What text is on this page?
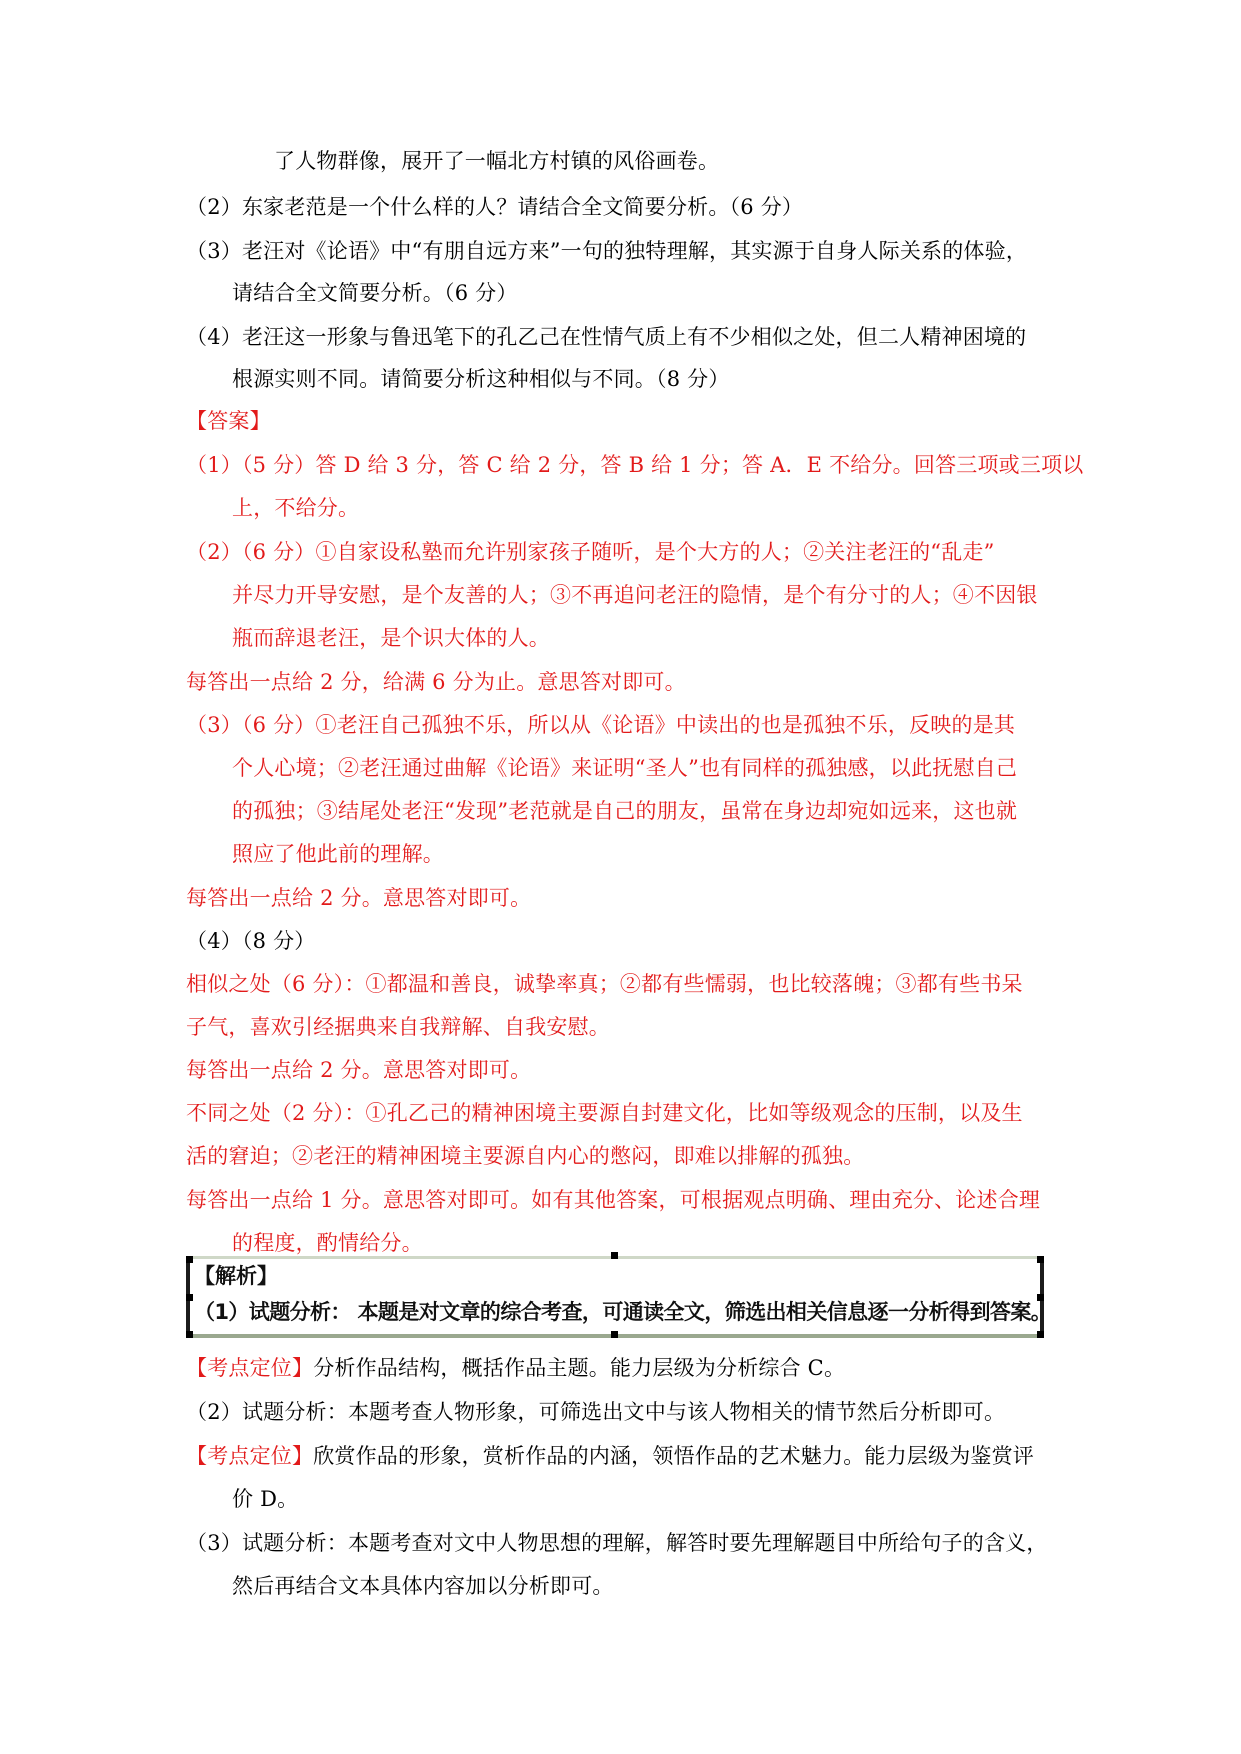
了人物群像，展开了一幅北方村镇的风俗画卷。
（2）东家老范是一个什么样的人？请结合全文简要分析。（6 分）
（3）老汪对《论语》中“有朋自远方来”一句的独特理解，其实源于自身人际关系的体验，
请结合全文简要分析。（6 分）
（4）老汪这一形象与鲁迅笔下的孔乙己在性情气质上有不少相似之处，但二人精神困境的
根源实则不同。请简要分析这种相似与不同。（8 分）
【答案】
（1）（5 分）答 D 给 3 分，答 C 给 2 分，答 B 给 1 分；答 A．E 不给分。回答三项或三项以
上，不给分。
（2）（6 分）①自家设私塾而允许别家孩子随听，是个大方的人；②关注老汪的“乱走”
并尽力开导安慰，是个友善的人；③不再追问老汪的隐情，是个有分寸的人；④不因银
瓶而辞退老汪，是个识大体的人。
每答出一点给 2 分，给满 6 分为止。意思答对即可。
（3）（6 分）①老汪自己孤独不乐，所以从《论语》中读出的也是孤独不乐，反映的是其
个人心境；②老汪通过曲解《论语》来证明“圣人”也有同样的孤独感，以此抚慰自己
的孤独；③结尾处老汪“发现”老范就是自己的朋友，虽常在身边却宛如远来，这也就
照应了他此前的理解。
每答出一点给 2 分。意思答对即可。
（4）（8 分）
相似之处（6 分）：①都温和善良，诚挚率真；②都有些懦弱，也比较落魄；③都有些书呆
子气，喜欢引经据典来自我辩解、自我安慰。
每答出一点给 2 分。意思答对即可。
不同之处（2 分）：①孔乙己的精神困境主要源自封建文化，比如等级观念的压制，以及生
活的窘迫；②老汪的精神困境主要源自内心的憋闷，即难以排解的孤独。
每答出一点给 1 分。意思答对即可。如有其他答案，可根据观点明确、理由充分、论述合理
的程度，酌情给分。
【解析】
（1）试题分析： 本题是对文章的综合考查，可通读全文，筛选出相关信息逐一分析得到答案。
【考点定位】分析作品结构，概括作品主题。能力层级为分析综合 C。
（2）试题分析：本题考查人物形象，可筛选出文中与该人物相关的情节然后分析即可。
【考点定位】欣赏作品的形象，赏析作品的内涵，领悟作品的艺术魅力。能力层级为鉴赏评
价 D。
（3）试题分析：本题考查对文中人物思想的理解，解答时要先理解题目中所给句子的含义，
然后再结合文本具体内容加以分析即可。
